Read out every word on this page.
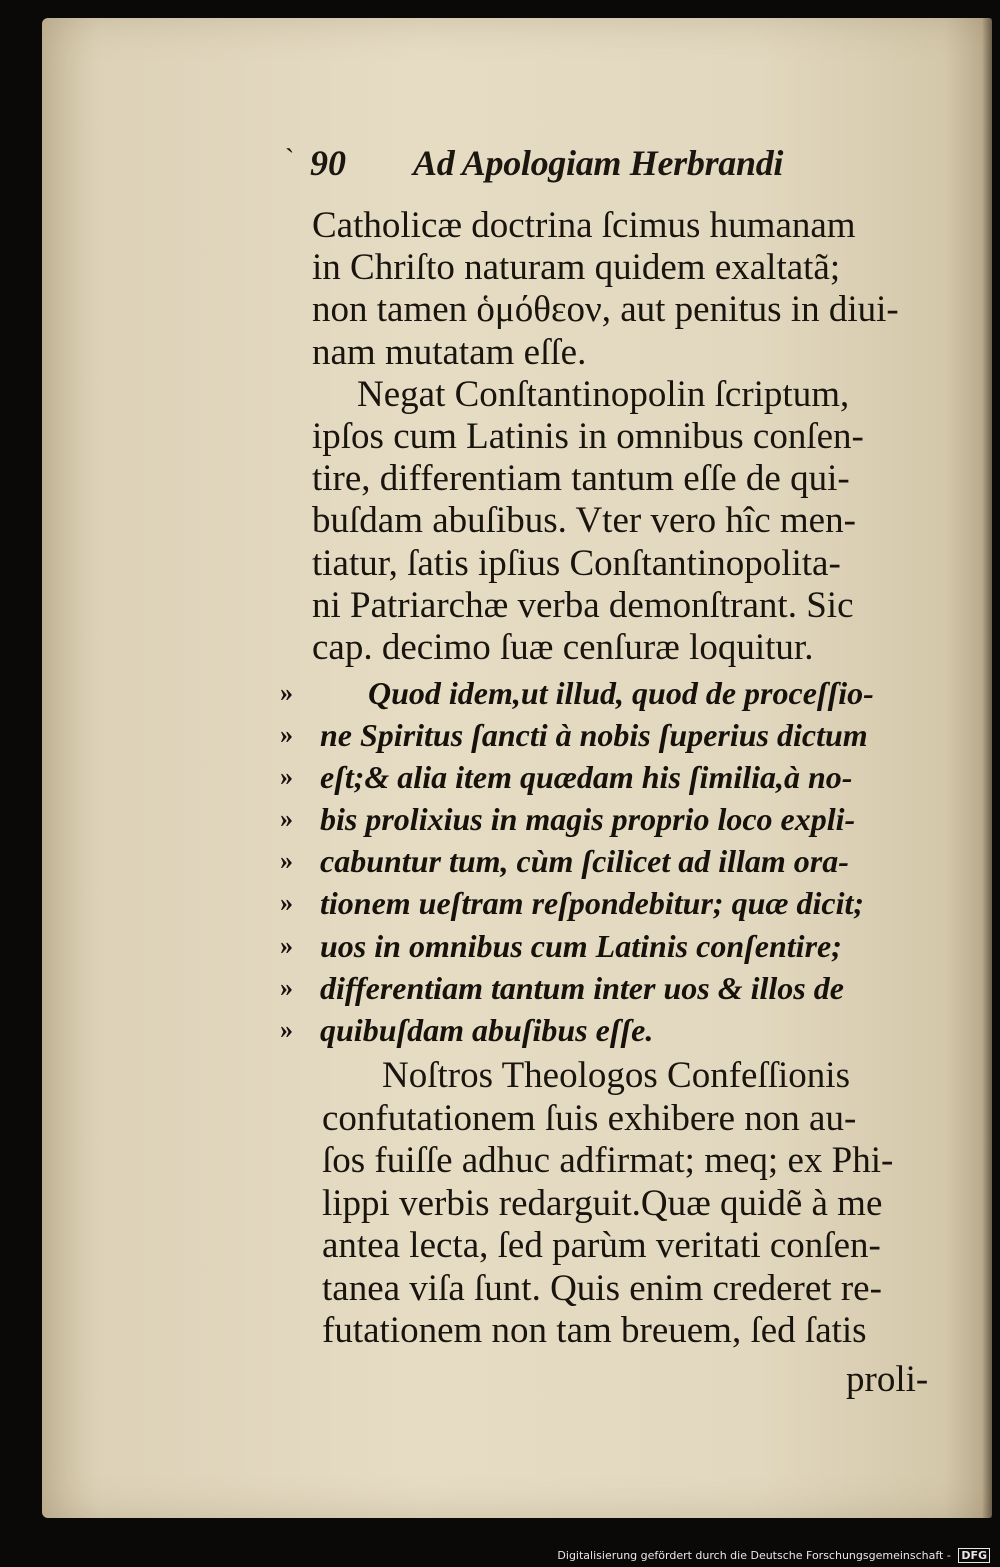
ˋ 90 Ad Apologiam Herbrandi
Catholicæ doctrina ſcimus humanam
in Chriſto naturam quidem exaltatã;
non tamen ὁμόθεον, aut penitus in diui-
nam mutatam eſſe.
Negat Conſtantinopolin ſcriptum,
ipſos cum Latinis in omnibus conſen-
tire, differentiam tantum eſſe de qui-
buſdam abuſibus. Vter vero hîc men-
tiatur, ſatis ipſius Conſtantinopolita-
ni Patriarchæ verba demonſtrant. Sic
cap. decimo ſuæ cenſuræ loquitur.
» Quod idem,ut illud, quod de proceſſio-
» ne Spiritus ſancti à nobis ſuperius dictum
» eſt;& alia item quædam his ſimilia,à no-
» bis prolixius in magis proprio loco expli-
» cabuntur tum, cùm ſcilicet ad illam ora-
» tionem ueſtram reſpondebitur; quæ dicit;
» uos in omnibus cum Latinis conſentire;
» differentiam tantum inter uos & illos de
» quibuſdam abuſibus eſſe.
Noſtros Theologos Confeſſionis
confutationem ſuis exhibere non au-
ſos fuiſſe adhuc adfirmat; meq; ex Phi-
lippi verbis redarguit.Quæ quidẽ à me
antea lecta, ſed parùm veritati conſen-
tanea viſa ſunt. Quis enim crederet re-
futationem non tam breuem, ſed ſatis
proli-
Digitalisierung gefördert durch die Deutsche Forschungsgemeinschaft - DFG
